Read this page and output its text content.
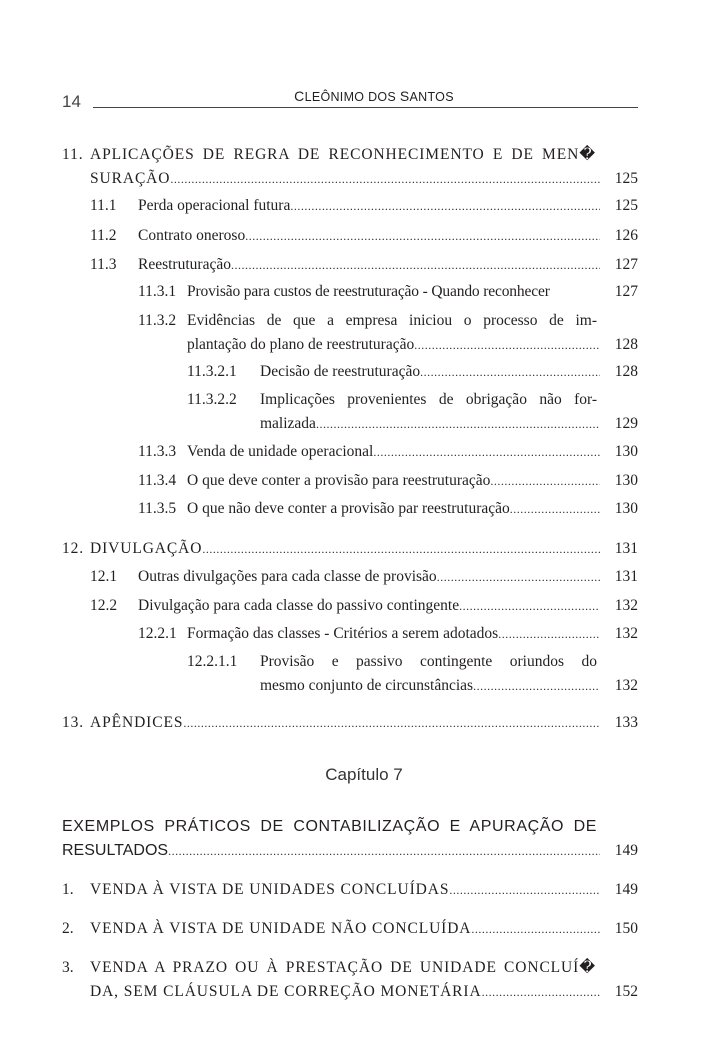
14	CLEÔNIMO DOS SANTOS
11. APLICAÇÕES DE REGRA DE RECONHECIMENTO E DE MEN�
SURAÇÃO .....	125
11.1 Perda operacional futura .....	125
11.2 Contrato oneroso .....	126
11.3 Reestruturação .....	127
11.3.1 Provisão para custos de reestruturação - Quando reconhecer	127
11.3.2 Evidências de que a empresa iniciou o processo de im-
plantação do plano de reestruturação .....	128
11.3.2.1 Decisão de reestruturação .....	128
11.3.2.2 Implicações provenientes de obrigação não for-
malizada .....	129
11.3.3 Venda de unidade operacional .....	130
11.3.4 O que deve conter a provisão para reestruturação .....	130
11.3.5 O que não deve conter a provisão par reestruturação .....	130
12. DIVULGAÇÃO .....	131
12.1 Outras divulgações para cada classe de provisão .....	131
12.2 Divulgação para cada classe do passivo contingente .....	132
12.2.1 Formação das classes - Critérios a serem adotados .....	132
12.2.1.1 Provisão e passivo contingente oriundos do
mesmo conjunto de circunstâncias .....	132
13. APÊNDICES .....	133
EXEMPLOS PRÁTICOS DE CONTABILIZAÇÃO E APURAÇÃO DE
RESULTADOS .....	149
1. VENDA À VISTA DE UNIDADES CONCLUÍDAS .....	149
2. VENDA À VISTA DE UNIDADE NÃO CONCLUÍDA .....	150
3. VENDA A PRAZO OU À PRESTAÇÃO DE UNIDADE CONCLUÍ�
DA, SEM CLÁUSULA DE CORREÇÃO MONETÁRIA .....	152
Capítulo 7
